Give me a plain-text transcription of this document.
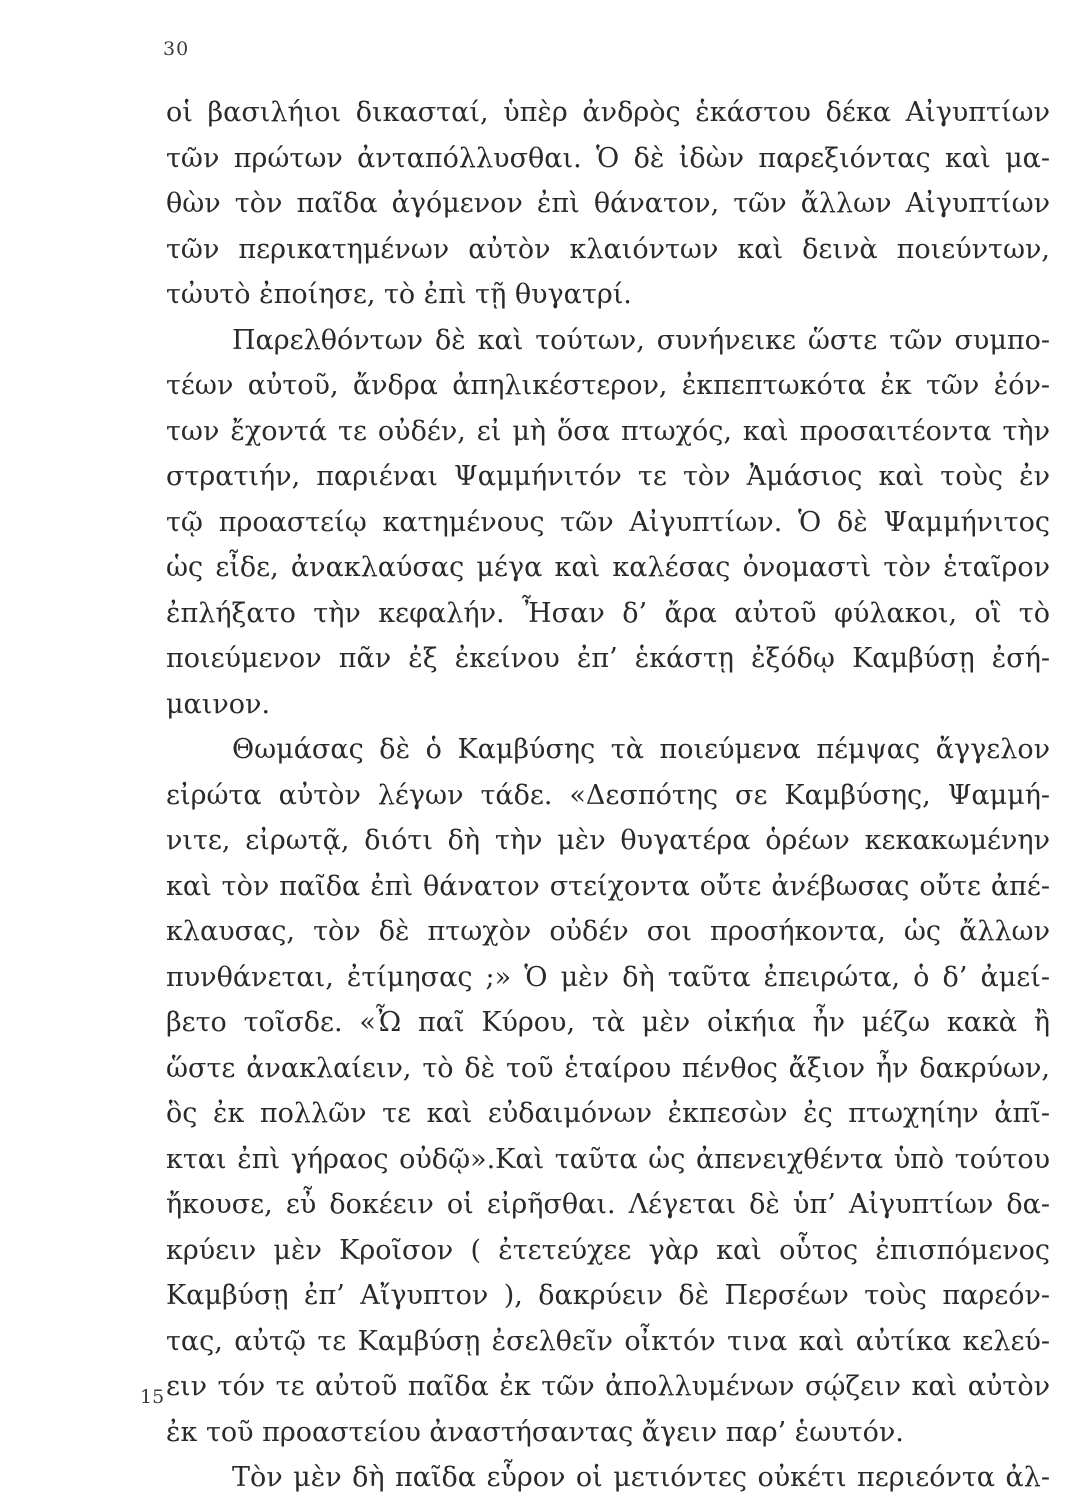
30
οἱ βασιλήιοι δικασταί, ὑπὲρ ἀνδρὸς ἑκάστου δέκα Αἰγυπτίων
τῶν πρώτων ἀνταπόλλυσθαι. Ὁ δὲ ἰδὼν παρεξιόντας καὶ μα-
θὼν τὸν παῖδα ἀγόμενον ἐπὶ θάνατον, τῶν ἄλλων Αἰγυπτίων
τῶν περικατημένων αὐτὸν κλαιόντων καὶ δεινὰ ποιεύντων,
τὠυτὸ ἐποίησε, τὸ ἐπὶ τῇ θυγατρί.
Παρελθόντων δὲ καὶ τούτων, συνήνεικε ὥστε τῶν συμπο-
τέων αὐτοῦ, ἄνδρα ἀπηλικέστερον, ἐκπεπτωκότα ἐκ τῶν ἐόν-
των ἔχοντά τε οὐδέν, εἰ μὴ ὅσα πτωχός, καὶ προσαιτέοντα τὴν
στρατιήν, παριέναι Ψαμμήνιτόν τε τὸν Ἀμάσιος καὶ τοὺς ἐν
τῷ προαστείῳ κατημένους τῶν Αἰγυπτίων. Ὁ δὲ Ψαμμήνιτος
ὡς εἶδε, ἀνακλαύσας μέγα καὶ καλέσας ὀνομαστὶ τὸν ἑταῖρον
ἐπλήξατο τὴν κεφαλήν. Ἦσαν δ’ ἄρα αὐτοῦ φύλακοι, οἳ τὸ
ποιεύμενον πᾶν ἐξ ἐκείνου ἐπ’ ἑκάστῃ ἐξόδῳ Καμβύσῃ ἐσή-
μαινον.
Θωμάσας δὲ ὁ Καμβύσης τὰ ποιεύμενα πέμψας ἄγγελον
εἰρώτα αὐτὸν λέγων τάδε. «Δεσπότης σε Καμβύσης, Ψαμμή-
νιτε, εἰρωτᾷ, διότι δὴ τὴν μὲν θυγατέρα ὁρέων κεκακωμένην
καὶ τὸν παῖδα ἐπὶ θάνατον στείχοντα οὔτε ἀνέβωσας οὔτε ἀπέ-
κλαυσας, τὸν δὲ πτωχὸν οὐδέν σοι προσήκοντα, ὡς ἄλλων
πυνθάνεται, ἐτίμησας ;» Ὁ μὲν δὴ ταῦτα ἐπειρώτα, ὁ δ’ ἀμεί-
βετο τοῖσδε. «Ὦ παῖ Κύρου, τὰ μὲν οἰκήια ἦν μέζω κακὰ ἢ
ὥστε ἀνακλαίειν, τὸ δὲ τοῦ ἑταίρου πένθος ἄξιον ἦν δακρύων,
ὃς ἐκ πολλῶν τε καὶ εὐδαιμόνων ἐκπεσὼν ἐς πτωχηίην ἀπῖ-
κται ἐπὶ γήραος οὐδῷ».Καὶ ταῦτα ὡς ἀπενειχθέντα ὑπὸ τούτου
ἤκουσε, εὖ δοκέειν οἱ εἰρῆσθαι. Λέγεται δὲ ὑπ’ Αἰγυπτίων δα-
κρύειν μὲν Κροῖσον ( ἐτετεύχεε γὰρ καὶ οὗτος ἐπισπόμενος
Καμβύσῃ ἐπ’ Αἴγυπτον ), δακρύειν δὲ Περσέων τοὺς παρεόν-
τας, αὐτῷ τε Καμβύσῃ ἐσελθεῖν οἶκτόν τινα καὶ αὐτίκα κελεύ-
ειν τόν τε αὐτοῦ παῖδα ἐκ τῶν ἀπολλυμένων σῴζειν καὶ αὐτὸν
ἐκ τοῦ προαστείου ἀναστήσαντας ἄγειν παρ’ ἑωυτόν.
Τὸν μὲν δὴ παῖδα εὗρον οἱ μετιόντες οὐκέτι περιεόντα ἀλ-
15
